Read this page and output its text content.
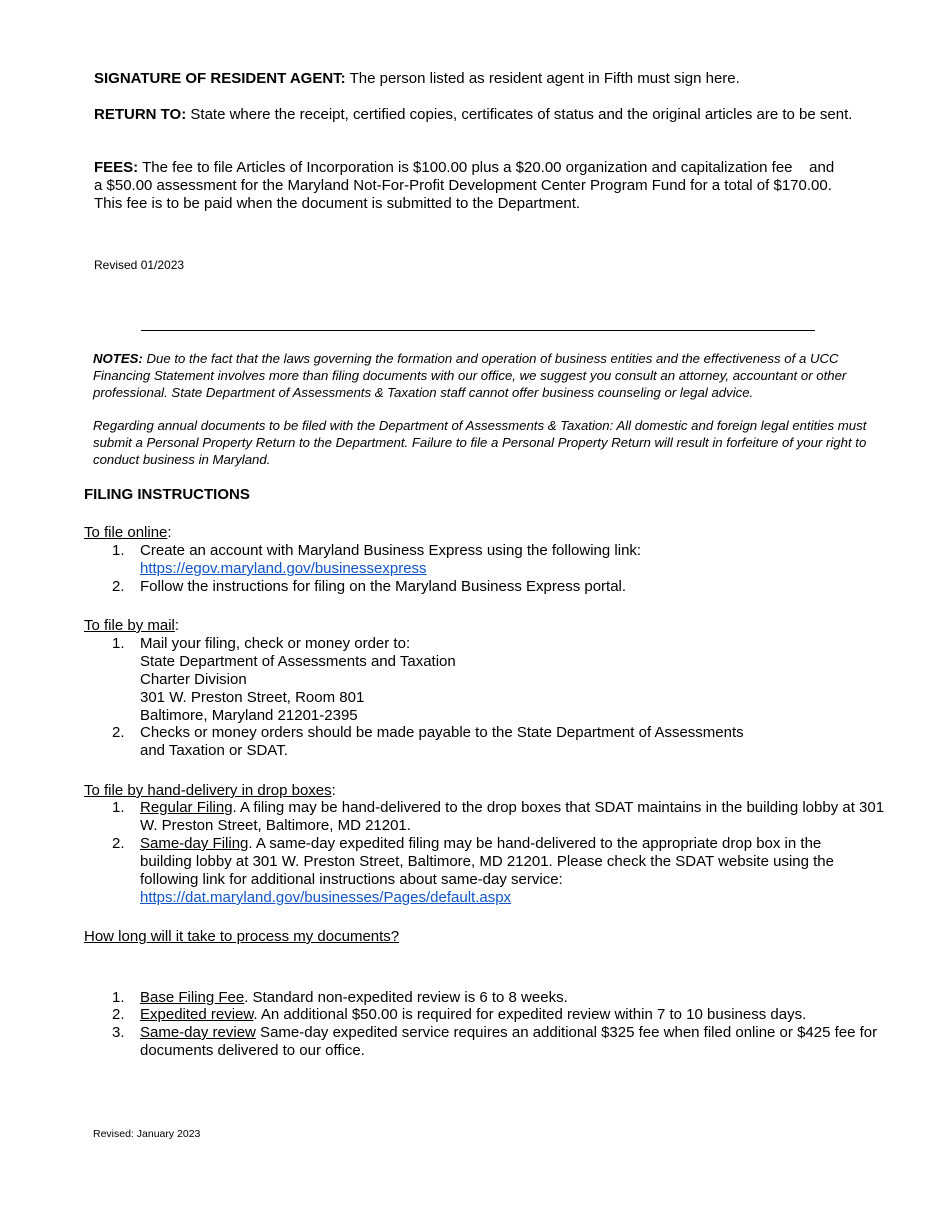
SIGNATURE OF RESIDENT AGENT: The person listed as resident agent in Fifth must sign here.
RETURN TO: State where the receipt, certified copies, certificates of status and the original articles are to be sent.
FEES: The fee to file Articles of Incorporation is $100.00 plus a $20.00 organization and capitalization fee    and
a $50.00 assessment for the Maryland Not-For-Profit Development Center Program Fund for a total of $170.00.
This fee is to be paid when the document is submitted to the Department.
Revised 01/2023
NOTES: Due to the fact that the laws governing the formation and operation of business entities and the effectiveness of a UCC Financing Statement involves more than filing documents with our office, we suggest you consult an attorney, accountant or other professional. State Department of Assessments & Taxation staff cannot offer business counseling or legal advice.
Regarding annual documents to be filed with the Department of Assessments & Taxation: All domestic and foreign legal entities must submit a Personal Property Return to the Department. Failure to file a Personal Property Return will result in forfeiture of your right to conduct business in Maryland.
FILING INSTRUCTIONS
To file online:
1.	Create an account with Maryland Business Express using the following link:
https://egov.maryland.gov/businessexpress
2.	Follow the instructions for filing on the Maryland Business Express portal.
To file by mail:
1.	Mail your filing, check or money order to:
State Department of Assessments and Taxation
Charter Division
301 W. Preston Street, Room 801
Baltimore, Maryland 21201-2395
2.	Checks or money orders should be made payable to the State Department of Assessments
and Taxation or SDAT.
To file by hand-delivery in drop boxes:
1.	Regular Filing. A filing may be hand-delivered to the drop boxes that SDAT maintains in the building lobby at 301 W. Preston Street, Baltimore, MD 21201.
2.	Same-day Filing. A same-day expedited filing may be hand-delivered to the appropriate drop box in the building lobby at 301 W. Preston Street, Baltimore, MD 21201. Please check the SDAT website using the following link for additional instructions about same-day service:
https://dat.maryland.gov/businesses/Pages/default.aspx
How long will it take to process my documents?
1.	Base Filing Fee. Standard non-expedited review is 6 to 8 weeks.
2.	Expedited review. An additional $50.00 is required for expedited review within 7 to 10 business days.
3.	Same-day review Same-day expedited service requires an additional $325 fee when filed online or $425 fee for documents delivered to our office.
Revised: January 2023
